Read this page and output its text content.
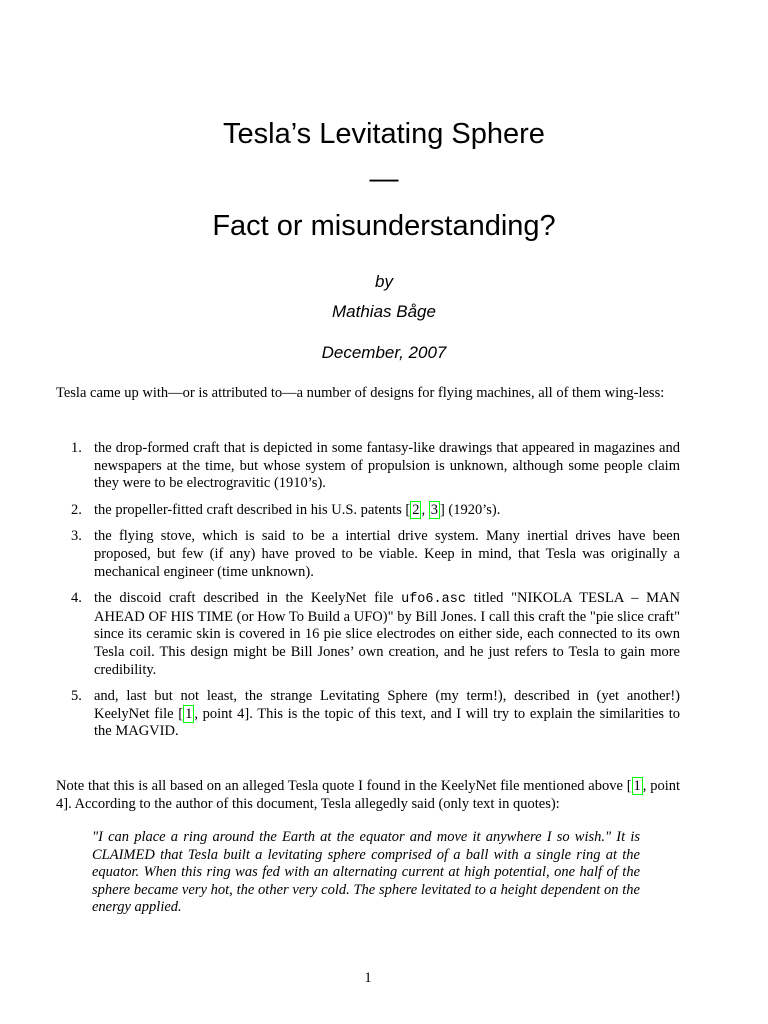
Tesla’s Levitating Sphere
—
Fact or misunderstanding?
by
Mathias Båge
December, 2007

Tesla came up with—or is attributed to—a number of designs for flying machines, all of them wing-less:

1. the drop-formed craft that is depicted in some fantasy-like drawings that appeared in magazines and newspapers at the time, but whose system of propulsion is unknown, although some people claim they were to be electrogravitic (1910’s).
2. the propeller-fitted craft described in his U.S. patents [ 2 , 3 ] (1920’s).
3. the flying stove, which is said to be a intertial drive system. Many inertial drives have been proposed, but few (if any) have proved to be viable. Keep in mind, that Tesla was originally a mechanical engineer (time unknown).
4. the discoid craft described in the KeelyNet file ufo6.asc titled "NIKOLA TESLA – MAN AHEAD OF HIS TIME (or How To Build a UFO)" by Bill Jones. I call this craft the "pie slice craft" since its ceramic skin is covered in 16 pie slice electrodes on either side, each connected to its own Tesla coil. This design might be Bill Jones’ own creation, and he just refers to Tesla to gain more credibility.
5. and, last but not least, the strange Levitating Sphere (my term!), described in (yet another!) KeelyNet file [ 1 , point 4]. This is the topic of this text, and I will try to explain the similarities to the MAGVID.

Note that this is all based on an alleged Tesla quote I found in the KeelyNet file mentioned above [ 1 , point 4]. According to the author of this document, Tesla allegedly said (only text in quotes):

"I can place a ring around the Earth at the equator and move it anywhere I so wish." It is CLAIMED that Tesla built a levitating sphere comprised of a ball with a single ring at the equator. When this ring was fed with an alternating current at high potential, one half of the sphere became very hot, the other very cold. The sphere levitated to a height dependent on the energy applied.

1
